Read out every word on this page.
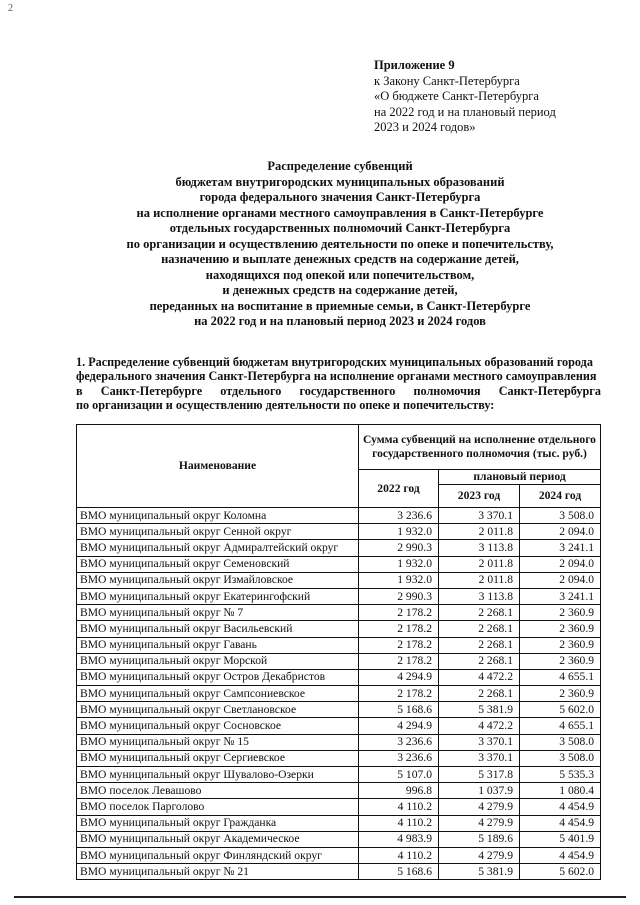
2
Приложение 9
к Закону Санкт-Петербурга
«О бюджете Санкт-Петербурга
на 2022 год и на плановый период
2023 и 2024 годов»
Распределение субвенций
бюджетам внутригородских муниципальных образований
города федерального значения Санкт-Петербурга
на исполнение органами местного самоуправления в Санкт-Петербурге
отдельных государственных полномочий Санкт-Петербурга
по организации и осуществлению деятельности по опеке и попечительству,
назначению и выплате денежных средств на содержание детей,
находящихся под опекой или попечительством,
и денежных средств на содержание детей,
переданных на воспитание в приемные семьи, в Санкт-Петербурге
на 2022 год и на плановый период 2023 и 2024 годов
1. Распределение субвенций бюджетам внутригородских муниципальных образований города
федерального значения Санкт-Петербурга на исполнение органами местного самоуправления
в Санкт-Петербурге отдельного государственного полномочия Санкт-Петербурга
по организации и осуществлению деятельности по опеке и попечительству:
Наименование	Сумма субвенций на исполнение отдельного государственного полномочия (тыс. руб.)		
	2022 год	плановый период	
		2023 год	2024 год
ВМО муниципальный округ Коломна	3 236.6	3 370.1	3 508.0
ВМО муниципальный округ Сенной округ	1 932.0	2 011.8	2 094.0
ВМО муниципальный округ Адмиралтейский округ	2 990.3	3 113.8	3 241.1
ВМО муниципальный округ Семеновский	1 932.0	2 011.8	2 094.0
ВМО муниципальный округ Измайловское	1 932.0	2 011.8	2 094.0
ВМО муниципальный округ Екатерингофский	2 990.3	3 113.8	3 241.1
ВМО муниципальный округ № 7	2 178.2	2 268.1	2 360.9
ВМО муниципальный округ Васильевский	2 178.2	2 268.1	2 360.9
ВМО муниципальный округ Гавань	2 178.2	2 268.1	2 360.9
ВМО муниципальный округ Морской	2 178.2	2 268.1	2 360.9
ВМО муниципальный округ Остров Декабристов	4 294.9	4 472.2	4 655.1
ВМО муниципальный округ Сампсониевское	2 178.2	2 268.1	2 360.9
ВМО муниципальный округ Светлановское	5 168.6	5 381.9	5 602.0
ВМО муниципальный округ Сосновское	4 294.9	4 472.2	4 655.1
ВМО муниципальный округ № 15	3 236.6	3 370.1	3 508.0
ВМО муниципальный округ Сергиевское	3 236.6	3 370.1	3 508.0
ВМО муниципальный округ Шувалово-Озерки	5 107.0	5 317.8	5 535.3
ВМО поселок Левашово	996.8	1 037.9	1 080.4
ВМО поселок Парголово	4 110.2	4 279.9	4 454.9
ВМО муниципальный округ Гражданка	4 110.2	4 279.9	4 454.9
ВМО муниципальный округ Академическое	4 983.9	5 189.6	5 401.9
ВМО муниципальный округ Финляндский округ	4 110.2	4 279.9	4 454.9
ВМО муниципальный округ № 21	5 168.6	5 381.9	5 602.0
